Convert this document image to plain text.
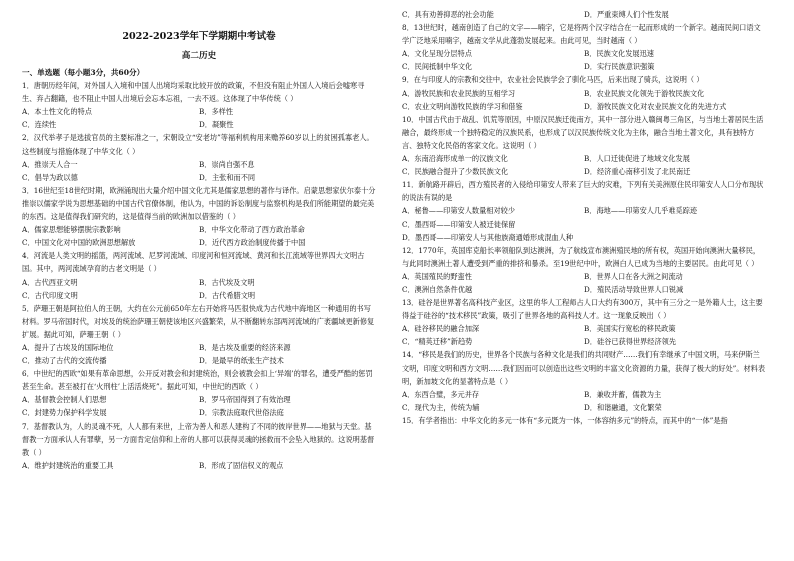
2022-2023学年下学期期中考试卷
高二历史
一、单选题（每小题3分，共60分）

1．唐朝历经年间，对外国人入境和中国人出境均采取比较开放的政策，不但没有阻止外国人入境后会嘘寒寻生、弃占翻籍，也不阻止中国人出境后会忘本忘祖，一去不返。这体现了中华传统（ ）

A．本土性文化的特点	B．多样性
C．连续性	D．凝聚性

2．汉代举孝子是选拔官员的主要标准之一，宋朝设立“安老坊”等福利机构用来赡养60岁以上的贫困孤寡老人。这些制度与措施体现了中华文化（ ）

A．推崇天人合一	B．崇尚自强不息
C．倡导为政以德	D．主张和而不同

3．16世纪至18世纪时期，欧洲涌现出大量介绍中国文化尤其是儒家思想的著作与译作。启蒙思想家伏尔泰十分推崇以儒家学说为思想基础的中国古代官僚体制，他认为，中国的诉讼制度与监察机构是我们所能期望的最完美的东西。这是值得我们研究的，这是值得当前的欧洲加以借鉴的（ ）

A．儒家思想能够摆脱宗教影响	B．中华文化带动了西方政治革命
C．中国文化对中国的欧洲思想解放	D．近代西方政治制度传播于中国

4．河流是人类文明的摇篮，两河流域、尼罗河流域、印度河和恒河流域、黄河和长江流域等世界四大文明古国。其中，两河流域孕育的古老文明是（ ）

A．古代西亚文明	B．古代埃及文明
C．古代印度文明	D．古代希腊文明

5．萨珊王朝是阿拉伯人的王朝，大约在公元前650年左右开始将马匹很快成为古代地中海地区一种通用的书写材料。罗马帝国时代，对埃及的统治萨珊王朝使该地区兴盛繁荣，从不断翻转东部两河流域的广袤疆域更新修复扩展。据此可知，萨珊王朝（ ）

A．提升了古埃及的国际地位	B．是古埃及重要的经济来源
C．推动了古代的交流传播	D．是最早的纸张生产技术

6．中世纪的西欧“如果有革命思想，公开反对教会和封建统治，则会被教会扣上‘异端’的罪名，遭受严酷的惩罚甚至生命。甚至被打在‘火刑柱’上活活烧死”。据此可知，中世纪的西欧（ ）

A．基督教会控制人们思想	B．罗马帝国得到了有效治理
C．封建势力保护科学发展	D．宗教法庭取代世俗法庭

7．基督教认为，人的灵魂不死，人人都有来世，上帝为善人和恶人建构了不同的彼岸世界——地狱与天堂。基督教一方面承认人有罪孽，另一方面肯定信仰和上帝的人都可以获得灵魂的拯救而不会坠入地狱的。这说明基督教（ ）

A．维护封建统治的重要工具	B．形成了固信权义的观点
C．具有劝善抑恶的社会功能	D．严重束缚人们个性发展

8．13世纪时，越南创造了自己的文字——喃字，它是将两个汉字结合在一起而形成的一个新字。越南民间口语文学广泛地采用喃字，越南文学从此蓬勃发展起来。由此可见，当时越南（ ）

A．文化呈现分层特点	B．民族文化发展迅速
C．民间抵制中华文化	D．实行民族意识强策

9．在与印度人的宗教和交往中，农业社会民族学会了驯化马匹，后来出现了骑兵，这说明（ ）

A．游牧民族和农业民族的互相学习	B．农业民族文化领先于游牧民族文化
C．农业文明向游牧民族的学习和借鉴	D．游牧民族文化对农业民族文化的先进方式

10．中国古代由于战乱、饥荒等原因，中原汉民族迁徙南方，其中一部分进入赣闽粤三角区，与当地土著居民生活融合，最终形成一个独特稳定的汉族民系，也形成了以汉民族传统文化为主体，融合当地土著文化，具有独特方言、独特文化民俗的客家文化。这说明（ ）

A．东南沿海形成单一的汉族文化	B．人口迁徙促进了地域文化发展
C．民族融合提升了少数民族文化	D．经济重心南移引发了北民南迁

11．新航路开辟后，西方殖民者的入侵给印第安人带来了巨大的灾难，下列有关美洲原住民印第安人人口分布现状的说法有误的是

A．秘鲁——印第安人数量相对较少	B．海地——印第安人几乎难觅踪迹
C．墨西哥——印第安人被迁徙保留
D．墨西哥——印第安人与其他族裔通婚形成混血人种

12．1770年，英国库克船长率领船队到达澳洲，为了航线宣布澳洲殖民地的所有权，英国开始向澳洲大量移民，与此同时澳洲土著人遭受到严重的排挤和暴杀。至19世纪中叶，欧洲白人已成为当地的主要居民。由此可见（ ）

A．英国殖民的野蛮性	B．世界人口在各大洲之间流动
C．澳洲自然条件优越	D．殖民活动导致世界人口锐减

13．硅谷是世界著名高科技产业区，这里的华人工程师占人口大约有300万，其中有三分之一是外籍人士，这主要得益于硅谷的“技术移民”政策，吸引了世界各地的高科技人才。这一现象反映出（ ）

A．硅谷移民的融合加深	B．美国实行宽松的移民政策
C．“精英迁移”新趋势	D．硅谷已获得世界经济领先

14．“移民是我们的历史，世界各个民族与各种文化是我们的共同财产……我们有幸继承了中国文明，马来伊斯兰文明，印度文明和西方文明……我们因而可以创造出这些文明的丰富文化资源的力量，获得了极大的好处”。材料表明，新加坡文化的显著特点是（ ）

A．东西合璧，多元并存	B．兼收并蓄，儒教为主
C．现代为主，传统为辅	D．和谐融通，文化繁荣

15．有学者指出：中华文化的多元一体有“多元既为一体，一体容纳多元”的特点，而其中的“一体”是指
